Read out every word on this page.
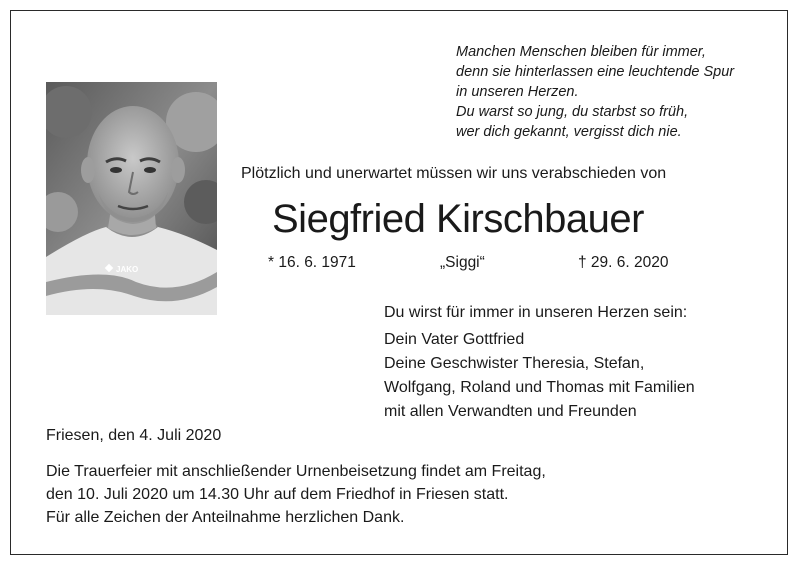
Manchen Menschen bleiben für immer,
denn sie hinterlassen eine leuchtende Spur
in unseren Herzen.
Du warst so jung, du starbst so früh,
wer dich gekannt, vergisst dich nie.
JAKO
Plötzlich und unerwartet müssen wir uns verabschieden von
Siegfried Kirschbauer
* 16. 6. 1971	„Siggi“	† 29. 6. 2020
Du wirst für immer in unseren Herzen sein:
Dein Vater Gottfried
Deine Geschwister Theresia, Stefan,
Wolfgang, Roland und Thomas mit Familien
mit allen Verwandten und Freunden
Friesen, den 4. Juli 2020
Die Trauerfeier mit anschließender Urnenbeisetzung findet am Freitag,
den 10. Juli 2020 um 14.30 Uhr auf dem Friedhof in Friesen statt.
Für alle Zeichen der Anteilnahme herzlichen Dank.
